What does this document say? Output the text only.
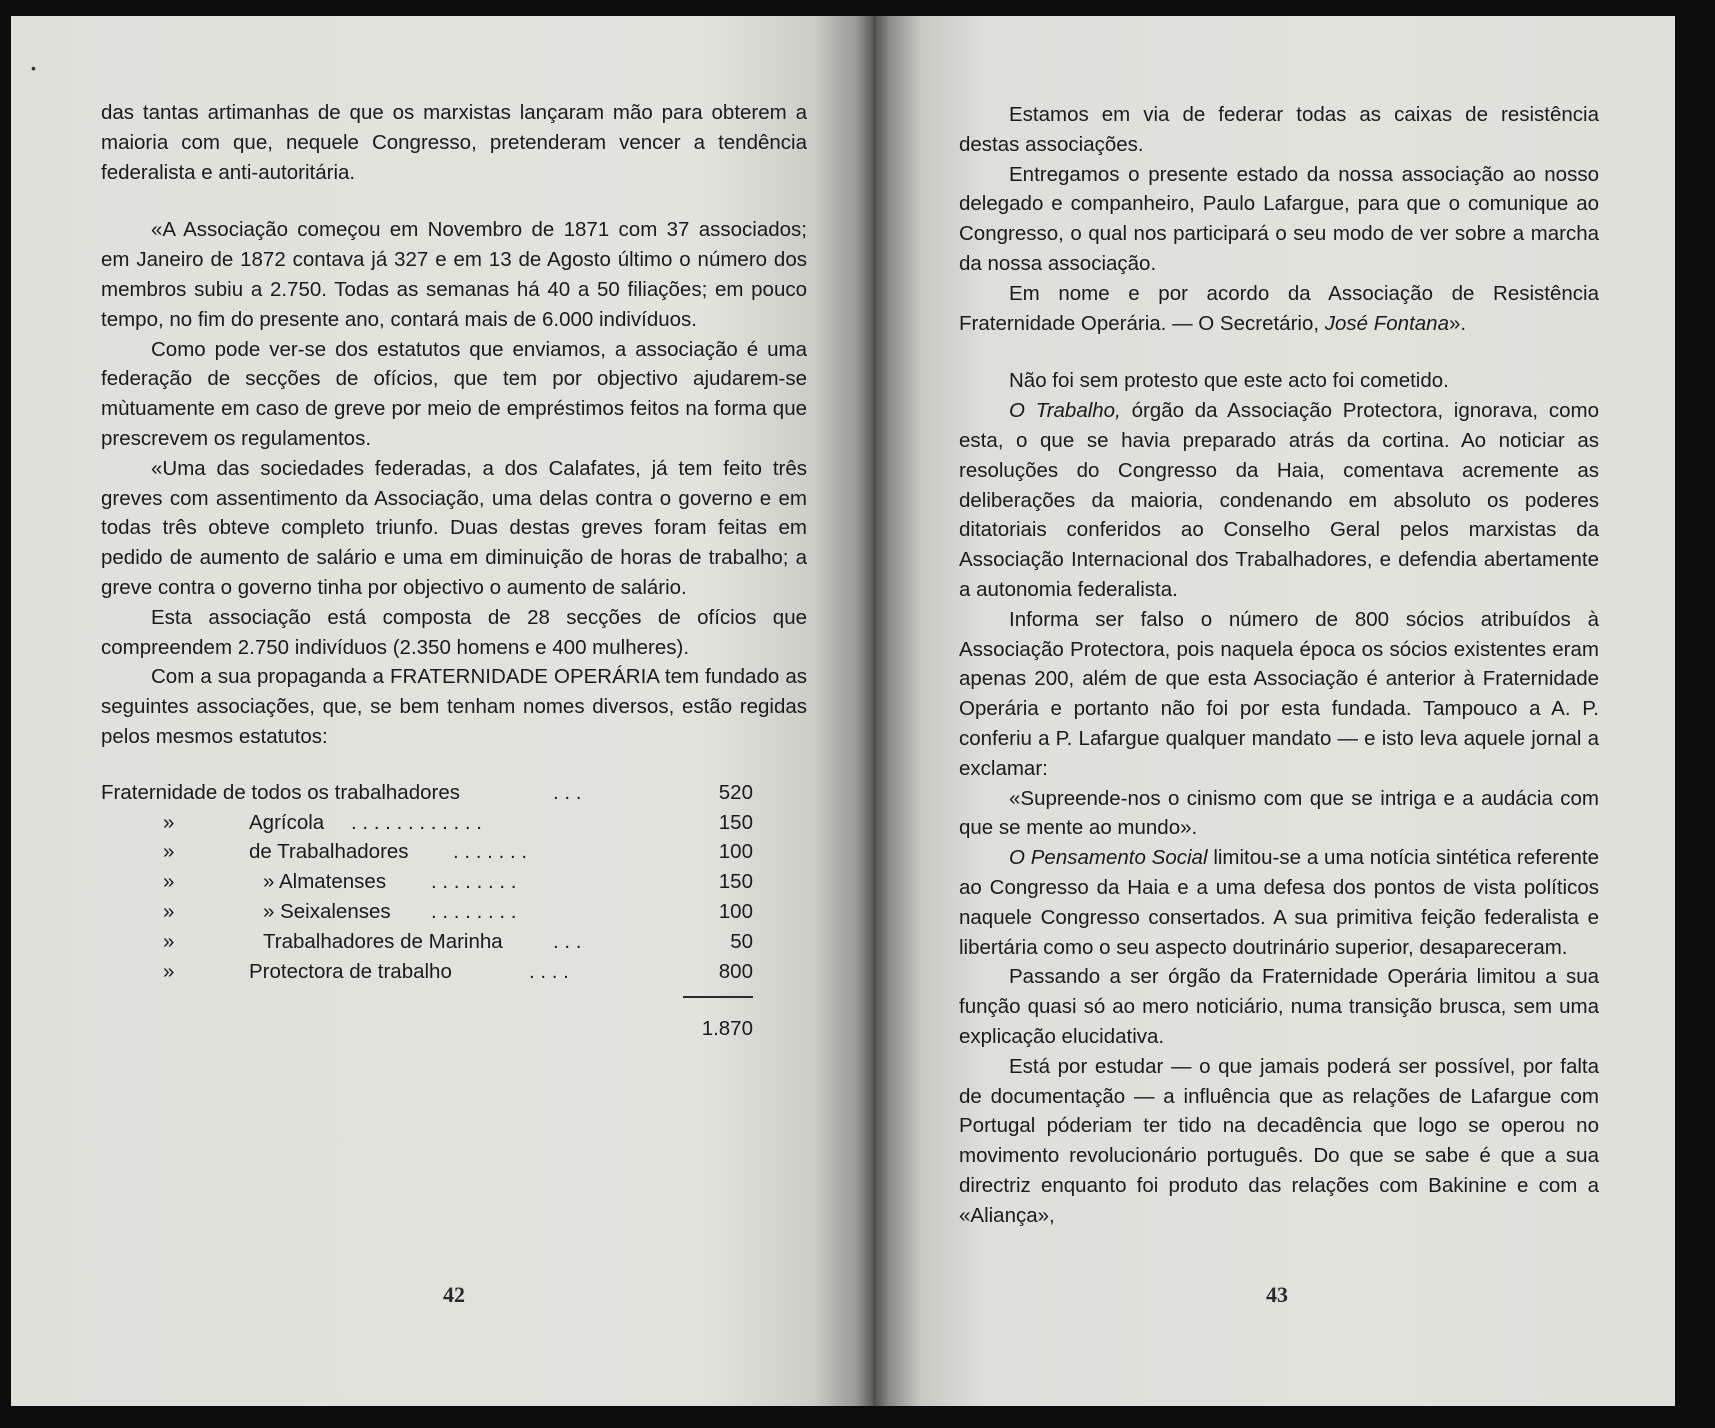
•

das tantas artimanhas de que os marxistas lançaram mão para obterem a maioria com que, nequele Congresso, pretenderam vencer a tendência federalista e anti-autoritária.

«A Associação começou em Novembro de 1871 com 37 associados; em Janeiro de 1872 contava já 327 e em 13 de Agosto último o número dos membros subiu a 2.750. Todas as semanas há 40 a 50 filiações; em pouco tempo, no fim do presente ano, contará mais de 6.000 indivíduos.

Como pode ver-se dos estatutos que enviamos, a associação é uma federação de secções de ofícios, que tem por objectivo ajudarem-se mùtuamente em caso de greve por meio de empréstimos feitos na forma que prescrevem os regulamentos.

«Uma das sociedades federadas, a dos Calafates, já tem feito três greves com assentimento da Associação, uma delas contra o governo e em todas três obteve completo triunfo. Duas destas greves foram feitas em pedido de aumento de salário e uma em diminuição de horas de trabalho; a greve contra o governo tinha por objectivo o aumento de salário.

Esta associação está composta de 28 secções de ofícios que compreendem 2.750 indivíduos (2.350 homens e 400 mulheres).

Com a sua propaganda a FRATERNIDADE OPERÁRIA tem fundado as seguintes associações, que, se bem tenham nomes diversos, estão regidas pelos mesmos estatutos:

Fraternidade de todos os trabalhadores	. . .	520
»	Agrícola . . . . . . . . . . . .	150
»	de Trabalhadores . . . . . . .	100
»	» Almatenses . . . . . . . .	150
»	» Seixalenses . . . . . . . .	100
»	Trabalhadores de Marinha . . .	50
»	Protectora de trabalho	. . . .	800
1.870
42

Estamos em via de federar todas as caixas de resistência destas associações.

Entregamos o presente estado da nossa associação ao nosso delegado e companheiro, Paulo Lafargue, para que o comunique ao Congresso, o qual nos participará o seu modo de ver sobre a marcha da nossa associação.

Em nome e por acordo da Associação de Resistência Fraternidade Operária. — O Secretário, José Fontana».

Não foi sem protesto que este acto foi cometido.

O Trabalho, órgão da Associação Protectora, ignorava, como esta, o que se havia preparado atrás da cortina. Ao noticiar as resoluções do Congresso da Haia, comentava acremente as deliberações da maioria, condenando em absoluto os poderes ditatoriais conferidos ao Conselho Geral pelos marxistas da Associação Internacional dos Trabalhadores, e defendia abertamente a autonomia federalista.

Informa ser falso o número de 800 sócios atribuídos à Associação Protectora, pois naquela época os sócios existentes eram apenas 200, além de que esta Associação é anterior à Fraternidade Operária e portanto não foi por esta fundada. Tampouco a A. P. conferiu a P. Lafargue qualquer mandato — e isto leva aquele jornal a exclamar:

«Supreende-nos o cinismo com que se intriga e a audácia com que se mente ao mundo».

O Pensamento Social limitou-se a uma notícia sintética referente ao Congresso da Haia e a uma defesa dos pontos de vista políticos naquele Congresso consertados. A sua primitiva feição federalista e libertária como o seu aspecto doutrinário superior, desapareceram.

Passando a ser órgão da Fraternidade Operária limitou a sua função quasi só ao mero noticiário, numa transição brusca, sem uma explicação elucidativa.

Está por estudar — o que jamais poderá ser possível, por falta de documentação — a influência que as relações de Lafargue com Portugal póderiam ter tido na decadência que logo se operou no movimento revolucionário português. Do que se sabe é que a sua directriz enquanto foi produto das relações com Bakinine e com a «Aliança»,

43
